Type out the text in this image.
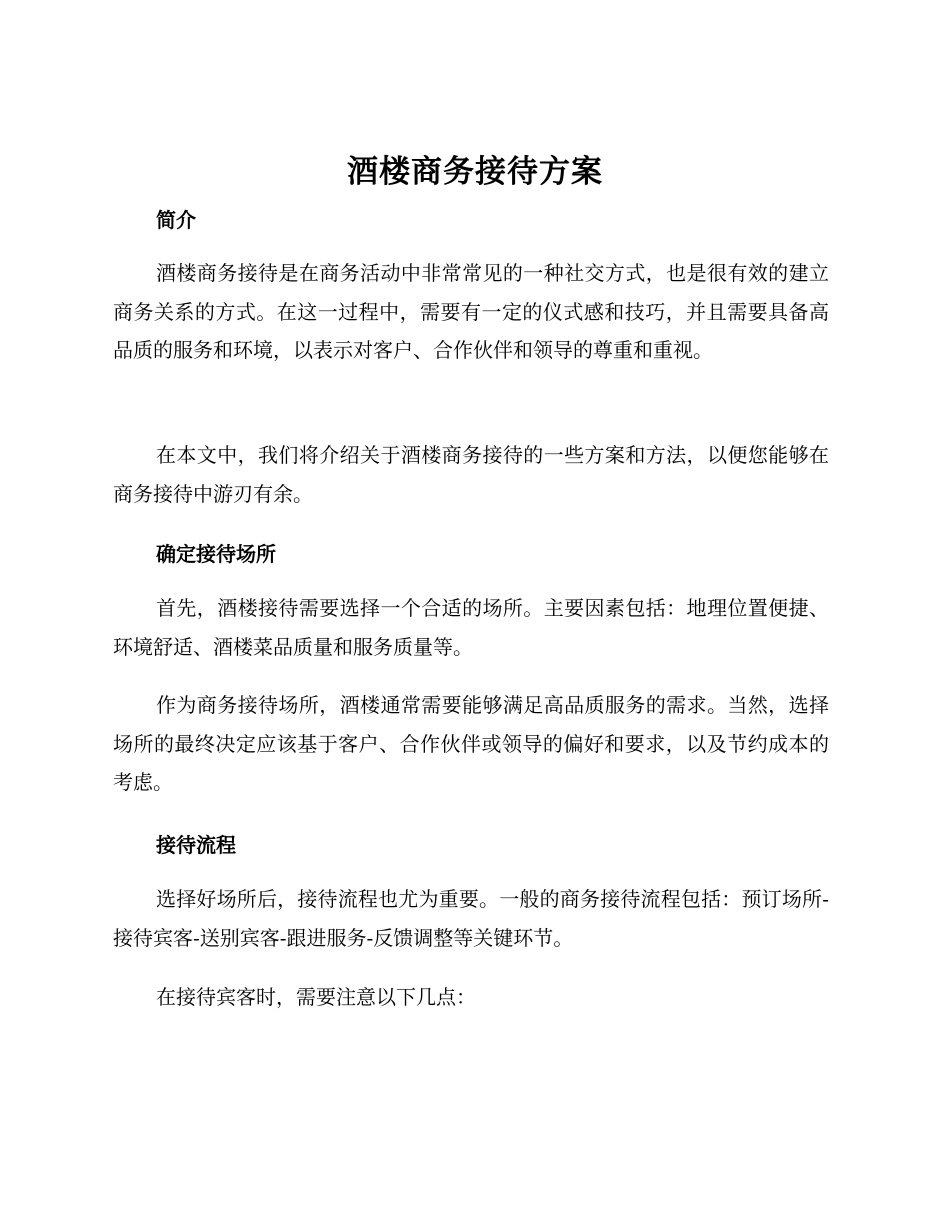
酒楼商务接待方案
简介

酒楼商务接待是在商务活动中非常常见的一种社交方式，也是很有效的建立商务关系的方式。在这一过程中，需要有一定的仪式感和技巧，并且需要具备高品质的服务和环境，以表示对客户、合作伙伴和领导的尊重和重视。

在本文中，我们将介绍关于酒楼商务接待的一些方案和方法，以便您能够在商务接待中游刃有余。

确定接待场所

首先，酒楼接待需要选择一个合适的场所。主要因素包括：地理位置便捷、环境舒适、酒楼菜品质量和服务质量等。

作为商务接待场所，酒楼通常需要能够满足高品质服务的需求。当然，选择场所的最终决定应该基于客户、合作伙伴或领导的偏好和要求，以及节约成本的考虑。

接待流程

选择好场所后，接待流程也尤为重要。一般的商务接待流程包括：预订场所-接待宾客-送别宾客-跟进服务-反馈调整等关键环节。

在接待宾客时，需要注意以下几点：
